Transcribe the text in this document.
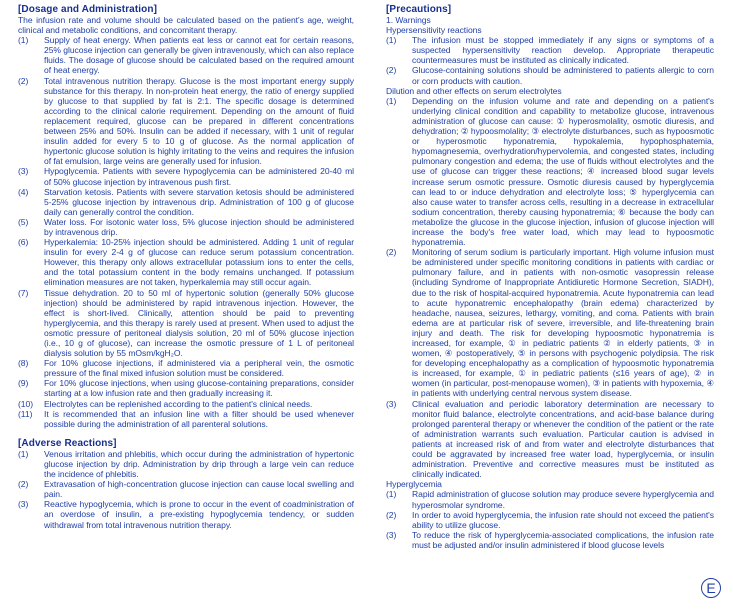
[Dosage and Administration]
The infusion rate and volume should be calculated based on the patient's age, weight, clinical and metabolic conditions, and concomitant therapy.
(1)	Supply of heat energy. When patients eat less or cannot eat for certain reasons, 25% glucose injection can generally be given intravenously, which can also replace fluids. The dosage of glucose should be calculated based on the required amount of heat energy.
(2)	Total intravenous nutrition therapy. Glucose is the most important energy supply substance for this therapy. In non-protein heat energy, the ratio of energy supplied by glucose to that supplied by fat is 2:1. The specific dosage is determined according to the clinical calorie requirement. Depending on the amount of fluid replacement required, glucose can be prepared in different concentrations between 25% and 50%. Insulin can be added if necessary, with 1 unit of regular insulin added for every 5 to 10 g of glucose. As the normal application of hypertonic glucose solution is highly irritating to the veins and requires the infusion of fat emulsion, large veins are generally used for infusion.
(3)	Hypoglycemia. Patients with severe hypoglycemia can be administered 20-40 ml of 50% glucose injection by intravenous push first.
(4)	Starvation ketosis. Patients with severe starvation ketosis should be administered 5-25% glucose injection by intravenous drip. Administration of 100 g of glucose daily can generally control the condition.
(5)	Water loss. For isotonic water loss, 5% glucose injection should be administered by intravenous drip.
(6)	Hyperkalemia: 10-25% injection should be administered. Adding 1 unit of regular insulin for every 2-4 g of glucose can reduce serum potassium concentration. However, this therapy only allows extracellular potassium ions to enter the cells, and the total potassium content in the body remains unchanged. If potassium elimination measures are not taken, hyperkalemia may still occur again.
(7)	Tissue dehydration. 20 to 50 ml of hypertonic solution (generally 50% glucose injection) should be administered by rapid intravenous injection. However, the effect is short-lived. Clinically, attention should be paid to preventing hyperglycemia, and this therapy is rarely used at present. When used to adjust the osmotic pressure of peritoneal dialysis solution, 20 ml of 50% glucose injection (i.e., 10 g of glucose), can increase the osmotic pressure of 1 L of peritoneal dialysis solution by 55 mOsm/kgH₂O.
(8)	For 10% glucose injections, if administered via a peripheral vein, the osmotic pressure of the final mixed infusion solution must be considered.
(9)	For 10% glucose injections, when using glucose-containing preparations, consider starting at a low infusion rate and then gradually increasing it.
(10)	Electrolytes can be replenished according to the patient's clinical needs.
(11)	It is recommended that an infusion line with a filter should be used whenever possible during the administration of all parenteral solutions.
[Adverse Reactions]
(1)	Venous irritation and phlebitis, which occur during the administration of hypertonic glucose injection by drip. Administration by drip through a large vein can reduce the incidence of phlebitis.
(2)	Extravasation of high-concentration glucose injection can cause local swelling and pain.
(3)	Reactive hypoglycemia, which is prone to occur in the event of coadministration of an overdose of insulin, a pre-existing hypoglycemia tendency, or sudden withdrawal from total intravenous nutrition therapy.
[Precautions]
1. Warnings
Hypersensitivity reactions
(1)	The infusion must be stopped immediately if any signs or symptoms of a suspected hypersensitivity reaction develop. Appropriate therapeutic countermeasures must be instituted as clinically indicated.
(2)	Glucose-containing solutions should be administered to patients allergic to corn or corn products with caution.
Dilution and other effects on serum electrolytes
(1)	Depending on the infusion volume and rate and depending on a patient's underlying clinical condition and capability to metabolize glucose, intravenous administration of glucose can cause: ① hyperosmolality, osmotic diuresis, and dehydration; ② hypoosmolality; ③ electrolyte disturbances, such as hypoosmotic or hyperosmotic hyponatremia, hypokalemia, hypophosphatemia, hypomagnesemia, overhydration/hypervolemia, and congested states, including pulmonary congestion and edema; the use of fluids without electrolytes and the use of glucose can trigger these reactions; ④ increased blood sugar levels increase serum osmotic pressure. Osmotic diuresis caused by hyperglycemia can lead to or induce dehydration and electrolyte loss; ⑤ hyperglycemia can also cause water to transfer across cells, resulting in a decrease in extracellular sodium concentration, thereby causing hyponatremia; ⑥ because the body can metabolize the glucose in the glucose injection, infusion of glucose injection will increase the body's free water load, which may lead to hypoosmotic hyponatremia.
(2)	Monitoring of serum sodium is particularly important. High volume infusion must be administered under specific monitoring conditions in patients with cardiac or pulmonary failure, and in patients with non-osmotic vasopressin release (including Syndrome of Inappropriate Antidiuretic Hormone Secretion, SIADH), due to the risk of hospital-acquired hyponatremia. Acute hyponatremia can lead to acute hyponatremic encephalopathy (brain edema) characterized by headache, nausea, seizures, lethargy, vomiting, and coma. Patients with brain edema are at particular risk of severe, irreversible, and life-threatening brain injury and death. The risk for developing hypoosmotic hyponatremia is increased, for example, ① in pediatric patients ② in elderly patients, ③ in women, ④ postoperatively, ⑤ in persons with psychogenic polydipsia. The risk for developing encephalopathy as a complication of hypoosmotic hyponatremia is increased, for example, ① in pediatric patients (≤16 years of age), ② in women (in particular, post-menopause women), ③ in patients with hypoxemia, ④ in patients with underlying central nervous system disease.
(3)	Clinical evaluation and periodic laboratory determination are necessary to monitor fluid balance, electrolyte concentrations, and acid-base balance during prolonged parenteral therapy or whenever the condition of the patient or the rate of administration warrants such evaluation. Particular caution is advised in patients at increased risk of and from water and electrolyte disturbances that could be aggravated by increased free water load, hyperglycemia, or insulin administration. Preventive and corrective measures must be instituted as clinically indicated.
Hyperglycemia
(1)	Rapid administration of glucose solution may produce severe hyperglycemia and hyperosmolar syndrome.
(2)	In order to avoid hyperglycemia, the infusion rate should not exceed the patient's ability to utilize glucose.
(3)	To reduce the risk of hyperglycemia-associated complications, the infusion rate must be adjusted and/or insulin administered if blood glucose levels
E
